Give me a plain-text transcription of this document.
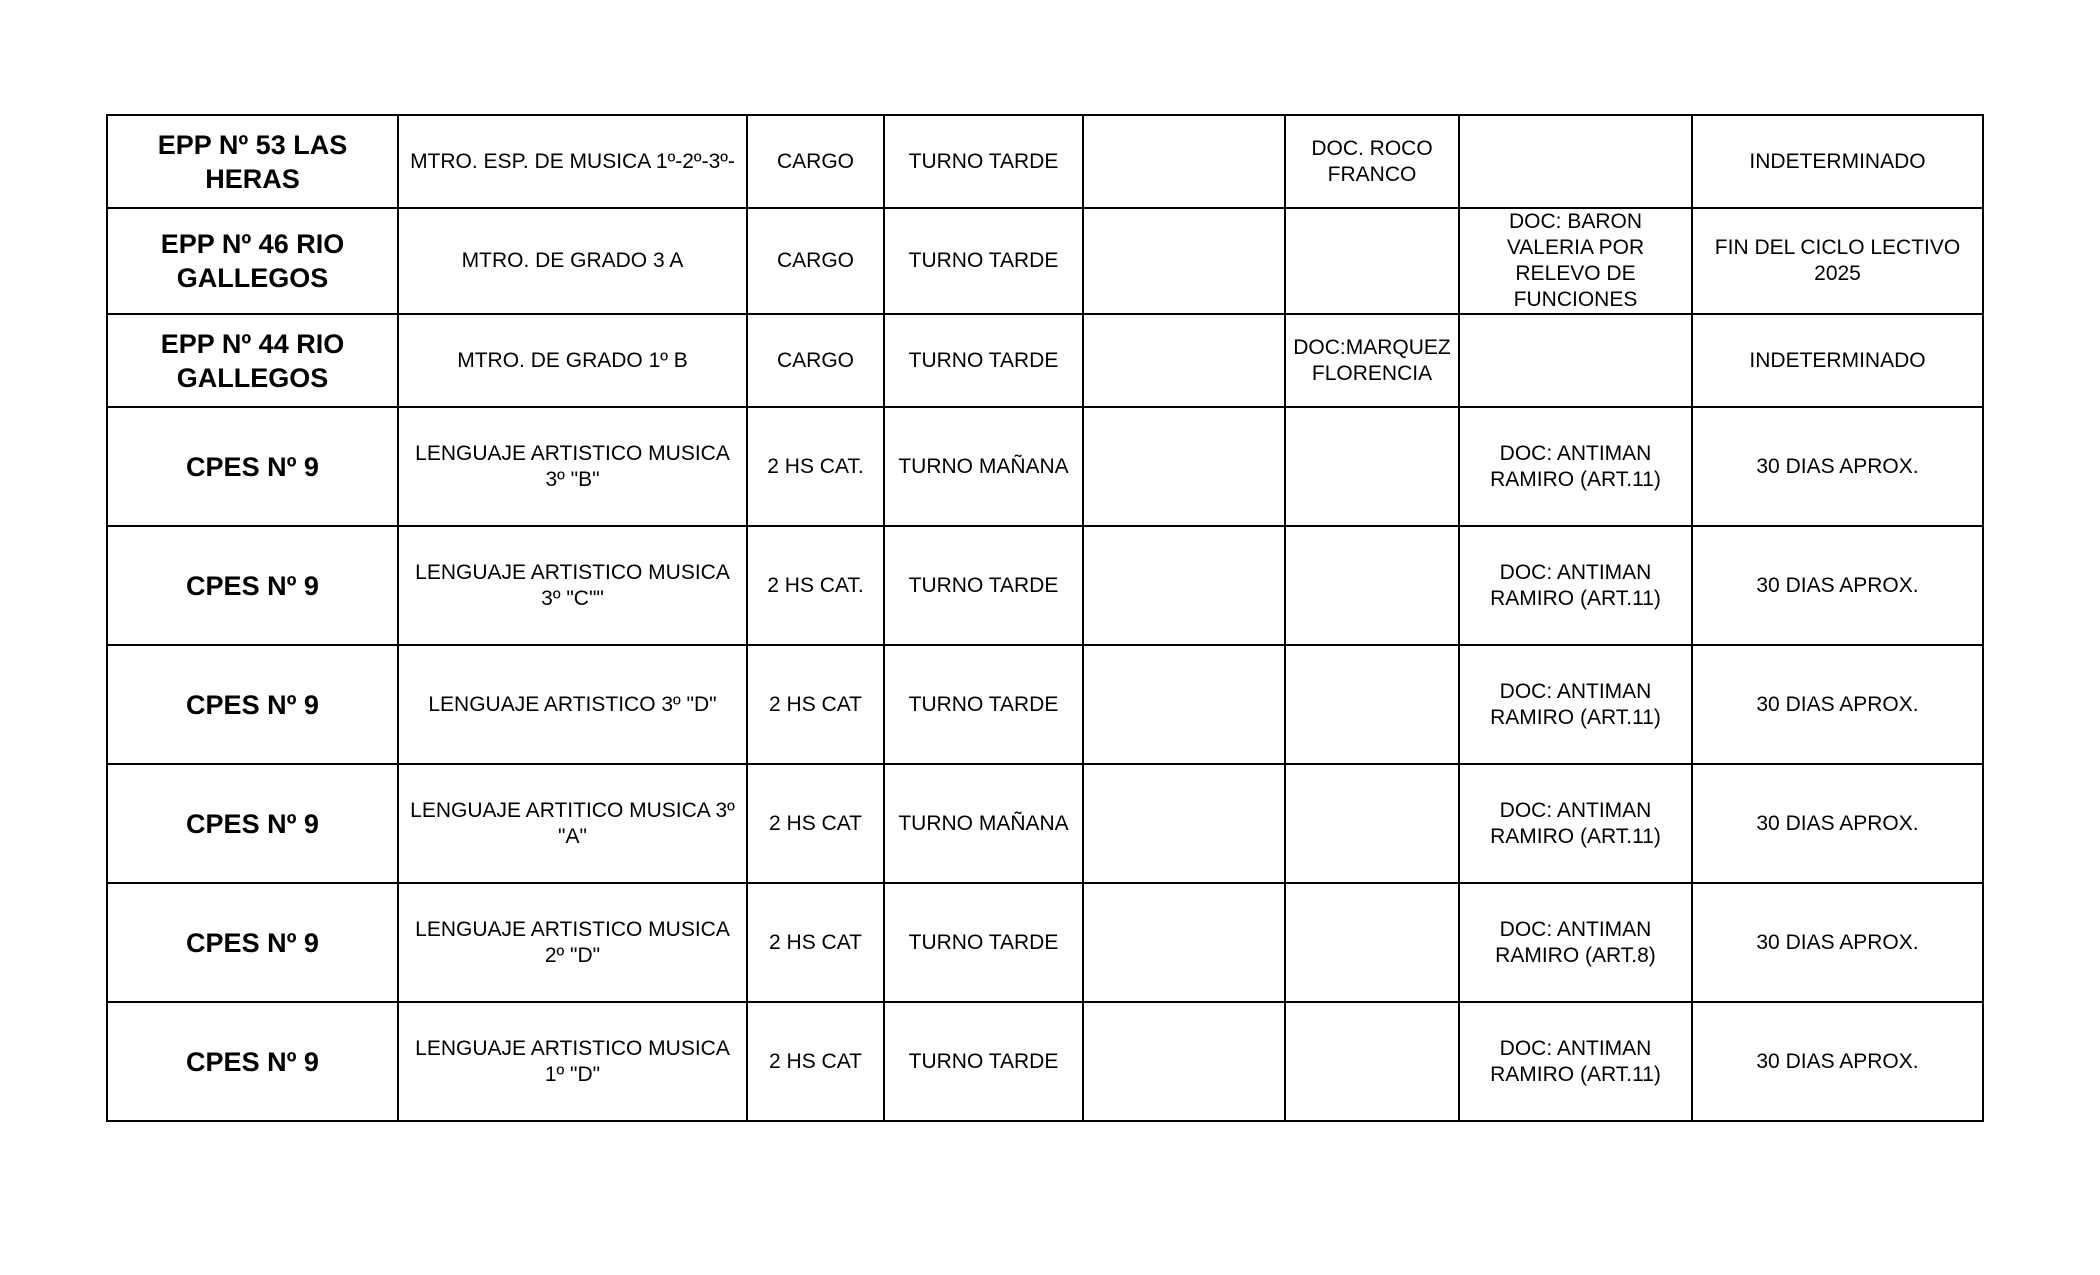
EPP Nº 53 LAS HERAS	MTRO. ESP. DE MUSICA 1º-2º-3º-	CARGO	TURNO TARDE		DOC. ROCO FRANCO		INDETERMINADO
EPP Nº 46 RIO GALLEGOS	MTRO. DE GRADO 3 A	CARGO	TURNO TARDE			DOC: BARON VALERIA POR RELEVO DE FUNCIONES	FIN DEL CICLO LECTIVO 2025
EPP Nº 44 RIO GALLEGOS	MTRO. DE GRADO 1º B	CARGO	TURNO TARDE		DOC:MARQUEZ FLORENCIA		INDETERMINADO
CPES Nº 9	LENGUAJE ARTISTICO MUSICA 3º "B"	2 HS CAT.	TURNO MAÑANA			DOC: ANTIMAN RAMIRO (ART.11)	30 DIAS APROX.
CPES Nº 9	LENGUAJE ARTISTICO MUSICA 3º "C""	2 HS CAT.	TURNO TARDE			DOC: ANTIMAN RAMIRO (ART.11)	30 DIAS APROX.
CPES Nº 9	LENGUAJE ARTISTICO 3º "D"	2 HS CAT	TURNO TARDE			DOC: ANTIMAN RAMIRO (ART.11)	30 DIAS APROX.
CPES Nº 9	LENGUAJE ARTITICO MUSICA 3º "A"	2 HS CAT	TURNO MAÑANA			DOC: ANTIMAN RAMIRO (ART.11)	30 DIAS APROX.
CPES Nº 9	LENGUAJE ARTISTICO MUSICA 2º "D"	2 HS CAT	TURNO TARDE			DOC: ANTIMAN RAMIRO (ART.8)	30 DIAS APROX.
CPES Nº 9	LENGUAJE ARTISTICO MUSICA 1º "D"	2 HS CAT	TURNO TARDE			DOC: ANTIMAN RAMIRO (ART.11)	30 DIAS APROX.
